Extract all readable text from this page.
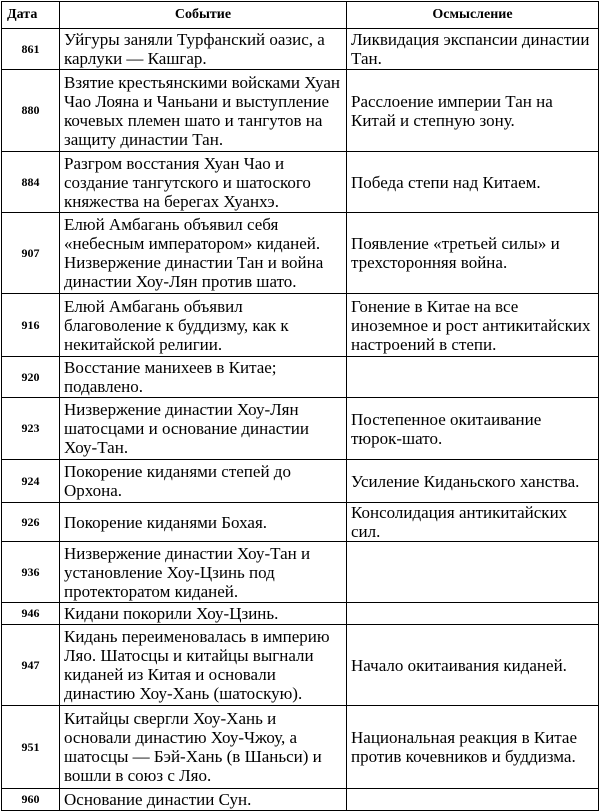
Дата	Событие	Осмысление
861	Уйгуры заняли Турфанский оазис, а карлуки — Кашгар.	Ликвидация экспансии династии Тан.
880	Взятие крестьянскими войсками Хуан Чао Лояна и Чаньани и выступление кочевых племен шато и тангутов на защиту династии Тан.	Расслоение империи Тан на Китай и степную зону.
884	Разгром восстания Хуан Чао и создание тангутского и шатоского княжества на берегах Хуанхэ.	Победа степи над Китаем.
907	Елюй Амбагань объявил себя «небесным императором» киданей. Низвержение династии Тан и война династии Хоу-Лян против шато.	Появление «третьей силы» и трехсторонняя война.
916	Елюй Амбагань объявил благоволение к буддизму, как к некитайской религии.	Гонение в Китае на все иноземное и рост антикитайских настроений в степи.
920	Восстание манихеев в Китае; подавлено.	
923	Низвержение династии Хоу-Лян шатосцами и основание династии Хоу-Тан.	Постепенное окитаивание тюрок-шато.
924	Покорение киданями степей до Орхона.	Усиление Киданьского ханства.
926	Покорение киданями Бохая.	Консолидация антикитайских сил.
936	Низвержение династии Хоу-Тан и установление Хоу-Цзинь под протекторатом киданей.	
946	Кидани покорили Хоу-Цзинь.	
947	Кидань переименовалась в империю Ляо. Шатосцы и китайцы выгнали киданей из Китая и основали династию Хоу-Хань (шатоскую).	Начало окитаивания киданей.
951	Китайцы свергли Хоу-Хань и основали династию Хоу-Чжоу, а шатосцы — Бэй-Хань (в Шаньси) и вошли в союз с Ляо.	Национальная реакция в Китае против кочевников и буддизма.
960	Основание династии Сун.	
